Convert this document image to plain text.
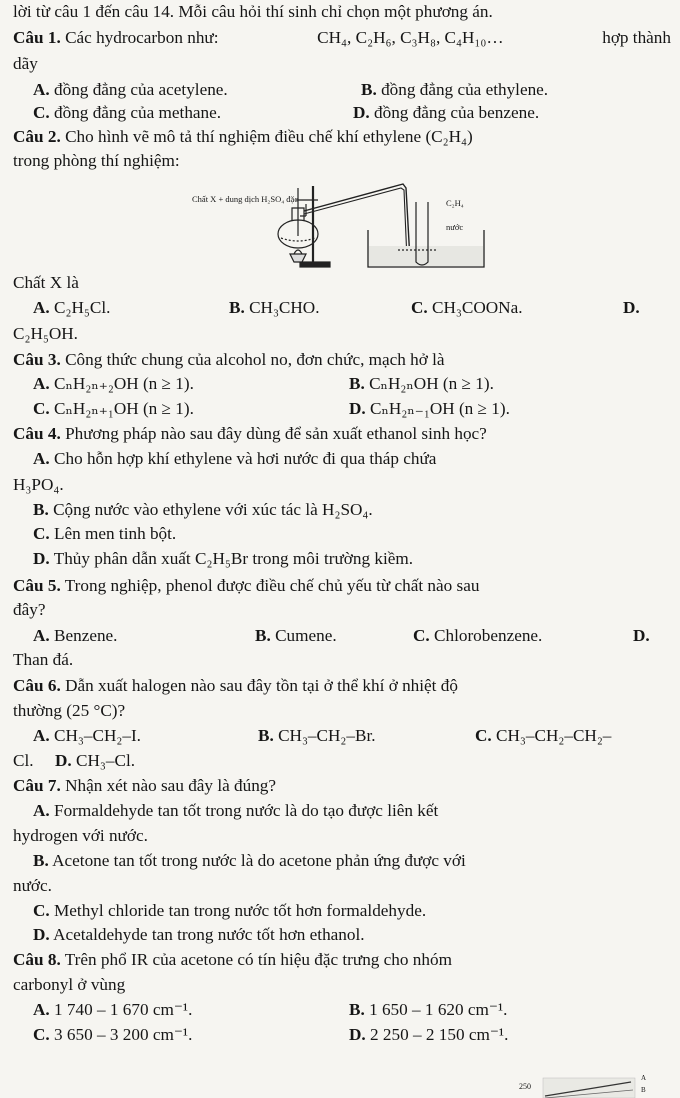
lời từ câu 1 đến câu 14. Mỗi câu hỏi thí sinh chỉ chọn một phương án.
Câu 1. Các hydrocarbon như:	CH₄, C₂H₆, C₃H₈, C₄H₁₀…	hợp thành
dãy
A. đồng đẳng của acetylene.	B. đồng đẳng của ethylene.
C. đồng đẳng của methane.	D. đồng đẳng của benzene.
Câu 2. Cho hình vẽ mô tả thí nghiệm điều chế khí ethylene (C₂H₄)
trong phòng thí nghiệm:
Chất X + dung dịch H₂SO₄ đặc	C₂H₄
nước
Chất X là
A. C₂H₅Cl.	B. CH₃CHO.	C. CH₃COONa.	D.
C₂H₅OH.
Câu 3. Công thức chung của alcohol no, đơn chức, mạch hở là
A. CₙH₂ₙ₊₂OH (n ≥ 1).	B. CₙH₂ₙOH (n ≥ 1).
C. CₙH₂ₙ₊₁OH (n ≥ 1).	D. CₙH₂ₙ₋₁OH (n ≥ 1).
Câu 4. Phương pháp nào sau đây dùng để sản xuất ethanol sinh học?
A. Cho hỗn hợp khí ethylene và hơi nước đi qua tháp chứa
H₃PO₄.
B. Cộng nước vào ethylene với xúc tác là H₂SO₄.
C. Lên men tinh bột.
D. Thủy phân dẫn xuất C₂H₅Br trong môi trường kiềm.
Câu 5. Trong nghiệp, phenol được điều chế chủ yếu từ chất nào sau
đây?
A. Benzene.	B. Cumene.	C. Chlorobenzene.	D.
Than đá.
Câu 6. Dẫn xuất halogen nào sau đây tồn tại ở thể khí ở nhiệt độ
thường (25 °C)?
A. CH₃–CH₂–I.	B. CH₃–CH₂–Br.	C. CH₃–CH₂–CH₂–
Cl. D. CH₃–Cl.
Câu 7. Nhận xét nào sau đây là đúng?
A. Formaldehyde tan tốt trong nước là do tạo được liên kết
hydrogen với nước.
B. Acetone tan tốt trong nước là do acetone phản ứng được với
nước.
C. Methyl chloride tan trong nước tốt hơn formaldehyde.
D. Acetaldehyde tan trong nước tốt hơn ethanol.
Câu 8. Trên phổ IR của acetone có tín hiệu đặc trưng cho nhóm
carbonyl ở vùng
A. 1 740 – 1 670 cm⁻¹.	B. 1 650 – 1 620 cm⁻¹.
C. 3 650 – 3 200 cm⁻¹.	D. 2 250 – 2 150 cm⁻¹.
250
A
B
